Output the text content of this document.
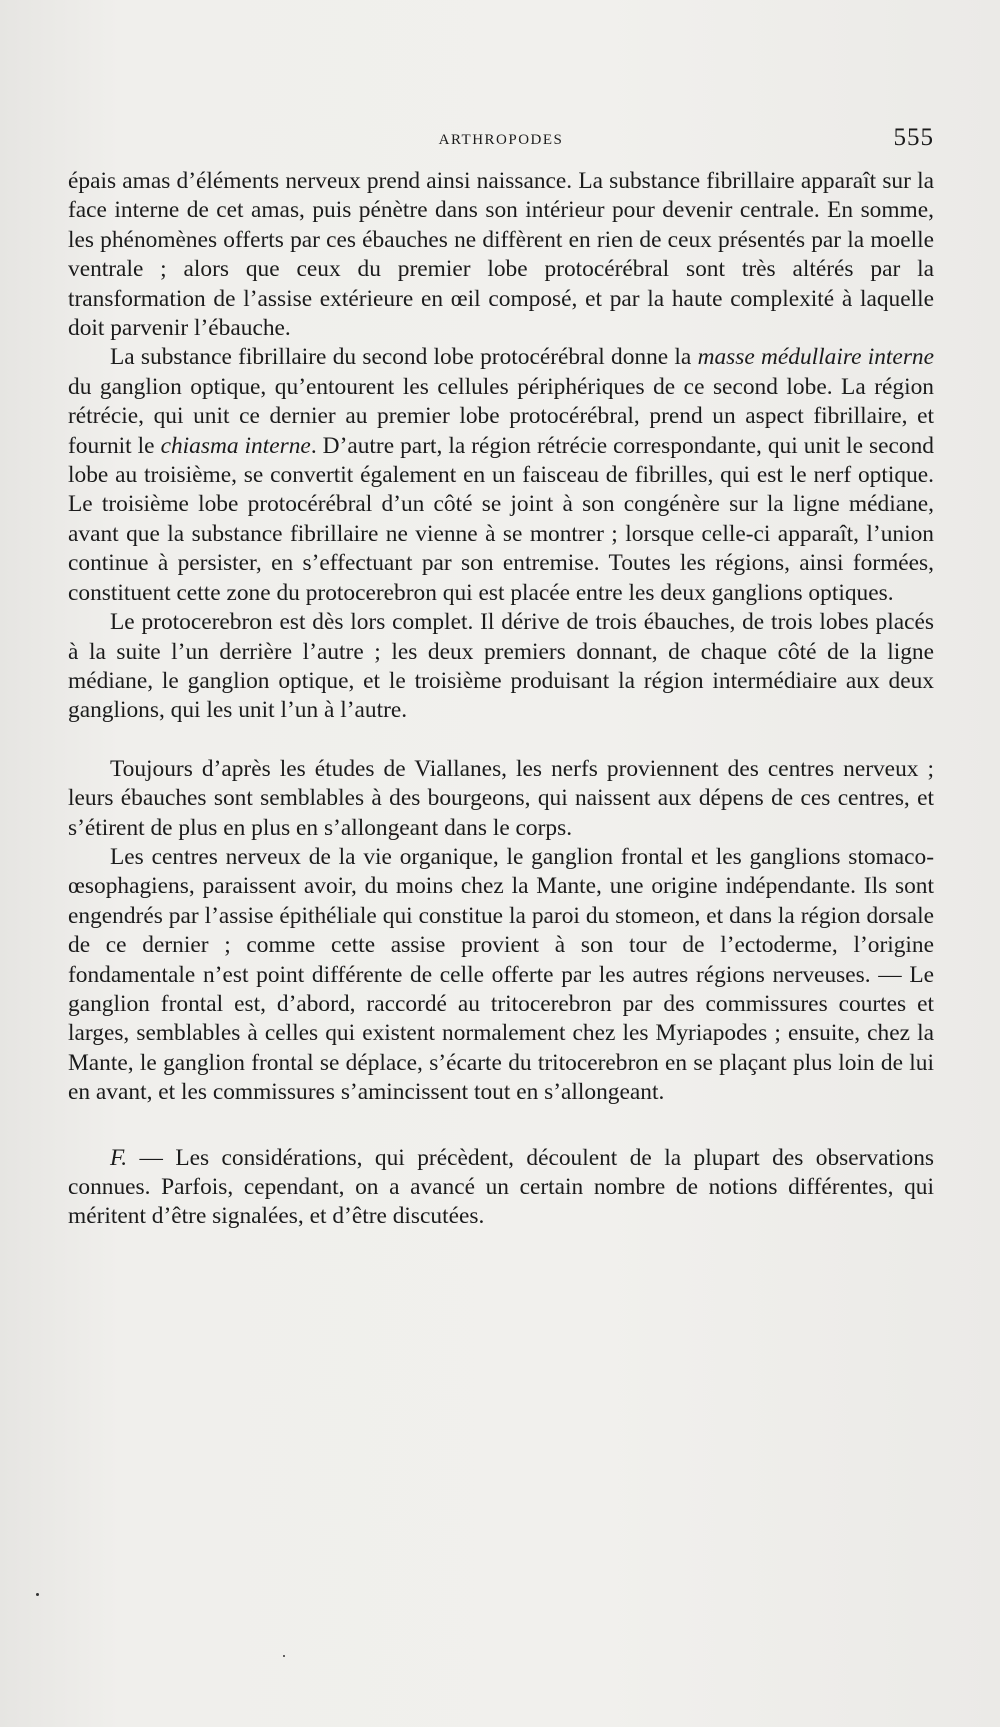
ARTHROPODES	555

épais amas d’éléments nerveux prend ainsi naissance. La substance fibrillaire apparaît sur la face interne de cet amas, puis pénètre dans son intérieur pour devenir centrale. En somme, les phénomènes offerts par ces ébauches ne diffèrent en rien de ceux présentés par la moelle ventrale ; alors que ceux du premier lobe protocérébral sont très altérés par la transformation de l’assise extérieure en œil composé, et par la haute complexité à laquelle doit parvenir l’ébauche.

La substance fibrillaire du second lobe protocérébral donne la masse médullaire interne du ganglion optique, qu’entourent les cellules périphériques de ce second lobe. La région rétrécie, qui unit ce dernier au premier lobe protocérébral, prend un aspect fibrillaire, et fournit le chiasma interne. D’autre part, la région rétrécie correspondante, qui unit le second lobe au troisième, se convertit également en un faisceau de fibrilles, qui est le nerf optique. Le troisième lobe protocérébral d’un côté se joint à son congénère sur la ligne médiane, avant que la substance fibrillaire ne vienne à se montrer ; lorsque celle-ci apparaît, l’union continue à persister, en s’effectuant par son entremise. Toutes les régions, ainsi formées, constituent cette zone du protocerebron qui est placée entre les deux ganglions optiques.

Le protocerebron est dès lors complet. Il dérive de trois ébauches, de trois lobes placés à la suite l’un derrière l’autre ; les deux premiers donnant, de chaque côté de la ligne médiane, le ganglion optique, et le troisième produisant la région intermédiaire aux deux ganglions, qui les unit l’un à l’autre.

Toujours d’après les études de Viallanes, les nerfs proviennent des centres nerveux ; leurs ébauches sont semblables à des bourgeons, qui naissent aux dépens de ces centres, et s’étirent de plus en plus en s’allongeant dans le corps.

Les centres nerveux de la vie organique, le ganglion frontal et les ganglions stomaco-œsophagiens, paraissent avoir, du moins chez la Mante, une origine indépendante. Ils sont engendrés par l’assise épithéliale qui constitue la paroi du stomeon, et dans la région dorsale de ce dernier ; comme cette assise provient à son tour de l’ectoderme, l’origine fondamentale n’est point différente de celle offerte par les autres régions nerveuses. — Le ganglion frontal est, d’abord, raccordé au tritocerebron par des commissures courtes et larges, semblables à celles qui existent normalement chez les Myriapodes ; ensuite, chez la Mante, le ganglion frontal se déplace, s’écarte du tritocerebron en se plaçant plus loin de lui en avant, et les commissures s’amincissent tout en s’allongeant.

F. — Les considérations, qui précèdent, découlent de la plupart des observations connues. Parfois, cependant, on a avancé un certain nombre de notions différentes, qui méritent d’être signalées, et d’être discutées.
